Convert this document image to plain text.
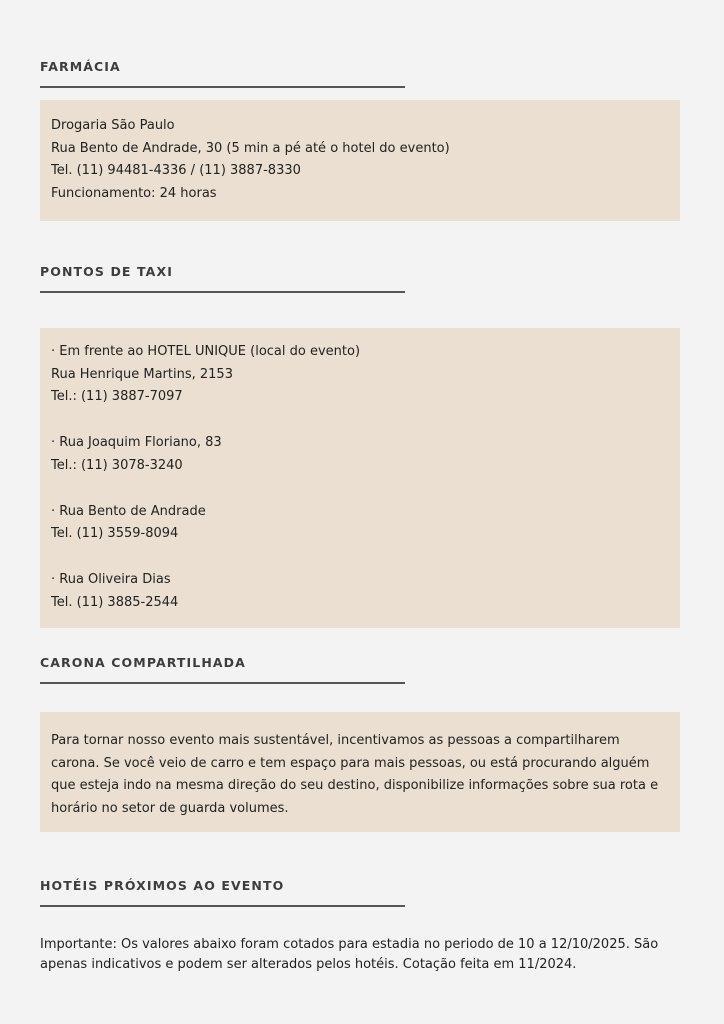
FARMÁCIA
Drogaria São Paulo
Rua Bento de Andrade, 30 (5 min a pé até o hotel do evento)
Tel. (11) 94481-4336 / (11) 3887-8330
Funcionamento: 24 horas
PONTOS DE TAXI
· Em frente ao HOTEL UNIQUE (local do evento)
Rua Henrique Martins, 2153
Tel.: (11) 3887-7097
· Rua Joaquim Floriano, 83
Tel.: (11) 3078-3240
· Rua Bento de Andrade
Tel. (11) 3559-8094
· Rua Oliveira Dias
Tel. (11) 3885-2544
CARONA COMPARTILHADA
Para tornar nosso evento mais sustentável, incentivamos as pessoas a compartilharem carona. Se você veio de carro e tem espaço para mais pessoas, ou está procurando alguém que esteja indo na mesma direção do seu destino, disponibilize informações sobre sua rota e horário no setor de guarda volumes.
HOTÉIS PRÓXIMOS AO EVENTO
Importante: Os valores abaixo foram cotados para estadia no periodo de 10 a 12/10/2025. São apenas indicativos e podem ser alterados pelos hotéis. Cotação feita em 11/2024.
